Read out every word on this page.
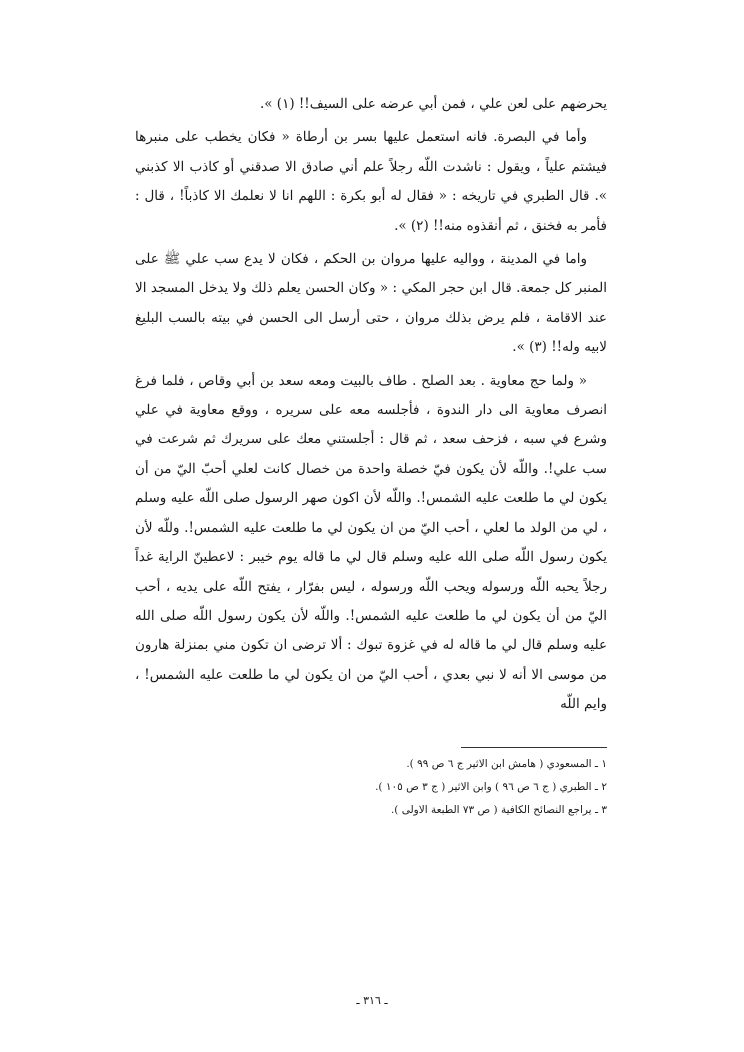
يحرضهم على لعن علي ، فمن أبي عرضه على السيف!! (١) ».

وأما في البصرة. فانه استعمل عليها بسر بن أرطاة « فكان يخطب على منبرها فيشتم علياً ، ويقول : ناشدت اللّه رجلاً علم أني صادق الا صدقني أو كاذب الا كذبني ». قال الطبري في تاريخه : « فقال له أبو بكرة : اللهم انا لا نعلمك الا كاذباً! ، قال : فأمر به فخنق ، ثم أنقذوه منه!! (٢) ».

واما في المدينة ، وواليه عليها مروان بن الحكم ، فكان لا يدع سب علي ﷺ على المنبر كل جمعة. قال ابن حجر المكي : « وكان الحسن يعلم ذلك ولا يدخل المسجد الا عند الاقامة ، فلم يرض بذلك مروان ، حتى أرسل الى الحسن في بيته بالسب البليغ لابيه وله!! (٣) ».

« ولما حج معاوية . بعد الصلح . طاف بالبيت ومعه سعد بن أبي وقاص ، فلما فرغ انصرف معاوية الى دار الندوة ، فأجلسه معه على سريره ، ووقع معاوية في علي وشرع في سبه ، فزحف سعد ، ثم قال : أجلستني معك على سريرك ثم شرعت في سب علي!. واللّه لأن يكون فيّ خصلة واحدة من خصال كانت لعلي أحبّ اليّ من أن يكون لي ما طلعت عليه الشمس!. واللّه لأن اكون صهر الرسول صلى اللّه عليه وسلم ، لي من الولد ما لعلي ، أحب اليّ من ان يكون لي ما طلعت عليه الشمس!. وللّه لأن يكون رسول اللّه صلى الله عليه وسلم قال لي ما قاله يوم خيبر : لاعطينّ الراية غداً رجلاً يحبه اللّه ورسوله ويحب اللّه ورسوله ، ليس بفرّار ، يفتح اللّه على يديه ، أحب اليّ من أن يكون لي ما طلعت عليه الشمس!. واللّه لأن يكون رسول اللّه صلى الله عليه وسلم قال لي ما قاله له في غزوة تبوك : ألا ترضى ان تكون مني بمنزلة هارون من موسى الا أنه لا نبي بعدي ، أحب اليّ من ان يكون لي ما طلعت عليه الشمس! ، وايم اللّه

١ ـ المسعودي ( هامش ابن الاثير ج ٦ ص ٩٩ ).
٢ ـ الطبري ( ج ٦ ص ٩٦ ) وابن الاثير ( ج ٣ ص ١٠٥ ).
٣ ـ يراجع النصائح الكافية ( ص ٧٣ الطبعة الاولى ).
ـ ٣١٦ ـ
